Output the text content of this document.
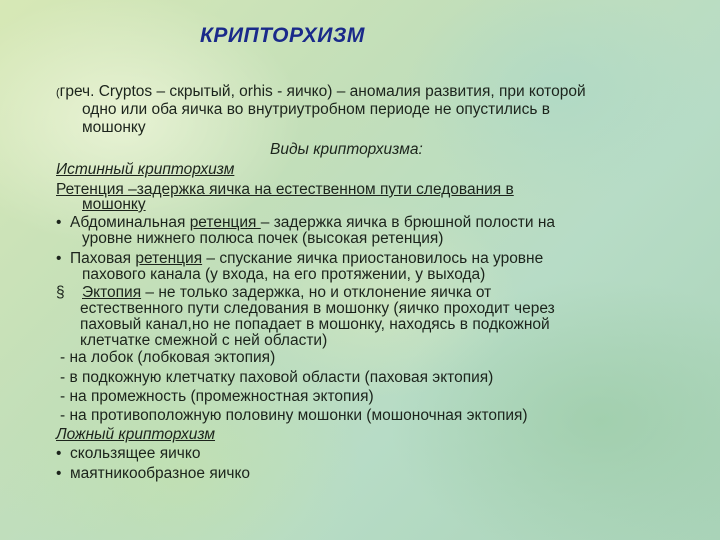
КРИПТОРХИЗМ
(греч. Cryptos – скрытый, orhis - яичко) – аномалия развития, при которой
одно или оба яичка во внутриутробном периоде не опустились в
мошонку
Виды крипторхизма:
Истинный крипторхизм
Ретенция –задержка яичка на естественном пути следования в
мошонку
• Абдоминальная ретенция – задержка яичка в брюшной полости на
уровне нижнего полюса почек (высокая ретенция)
• Паховая ретенция – спускание яичка приостановилось на уровне
пахового канала (у входа, на его протяжении, у выхода)
§ Эктопия – не только задержка, но и отклонение яичка от
естественного пути следования в мошонку (яичко проходит через
паховый канал,но не попадает в мошонку, находясь в подкожной
клетчатке смежной с ней области)
- на лобок (лобковая эктопия)
- в подкожную клетчатку паховой области (паховая эктопия)
- на промежность (промежностная эктопия)
- на противоположную половину мошонки (мошоночная эктопия)
Ложный крипторхизм
• скользящее яичко
• маятникообразное яичко
